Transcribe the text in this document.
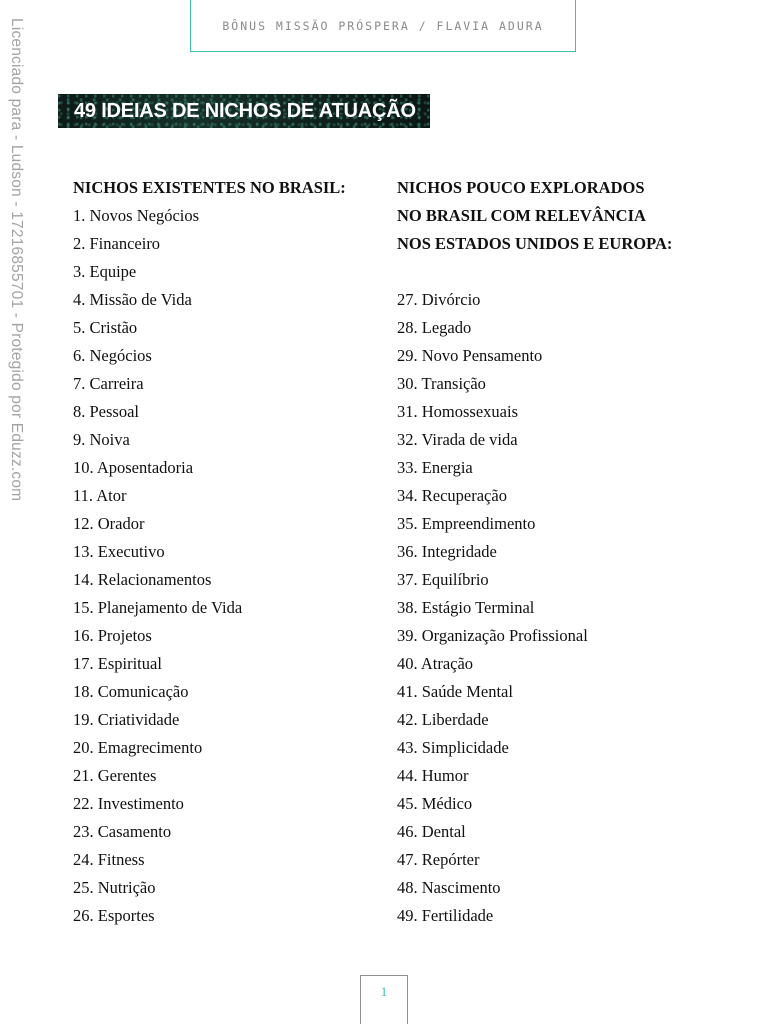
BÔNUS MISSÃO PRÓSPERA / FLAVIA ADURA
Licenciado para - Ludson - 17216855701 - Protegido por Eduzz.com 49 IDEIAS DE NICHOS DE ATUAÇÃO
NICHOS EXISTENTES NO BRASIL:
1. Novos Negócios
2. Financeiro
3. Equipe
4. Missão de Vida
5. Cristão
6. Negócios
7. Carreira
8. Pessoal
9. Noiva
10. Aposentadoria
11. Ator
12. Orador
13. Executivo
14. Relacionamentos
15. Planejamento de Vida
16. Projetos
17. Espiritual
18. Comunicação
19. Criatividade
20. Emagrecimento
21. Gerentes
22. Investimento
23. Casamento
24. Fitness
25. Nutrição
26. Esportes
NICHOS POUCO EXPLORADOS
NO BRASIL COM RELEVÂNCIA
NOS ESTADOS UNIDOS E EUROPA:
27. Divórcio
28. Legado
29. Novo Pensamento
30. Transição
31. Homossexuais
32. Virada de vida
33. Energia
34. Recuperação
35. Empreendimento
36. Integridade
37. Equilíbrio
38. Estágio Terminal
39. Organização Profissional
40. Atração
41. Saúde Mental
42. Liberdade
43. Simplicidade
44. Humor
45. Médico
46. Dental
47. Repórter
48. Nascimento
49. Fertilidade
1
